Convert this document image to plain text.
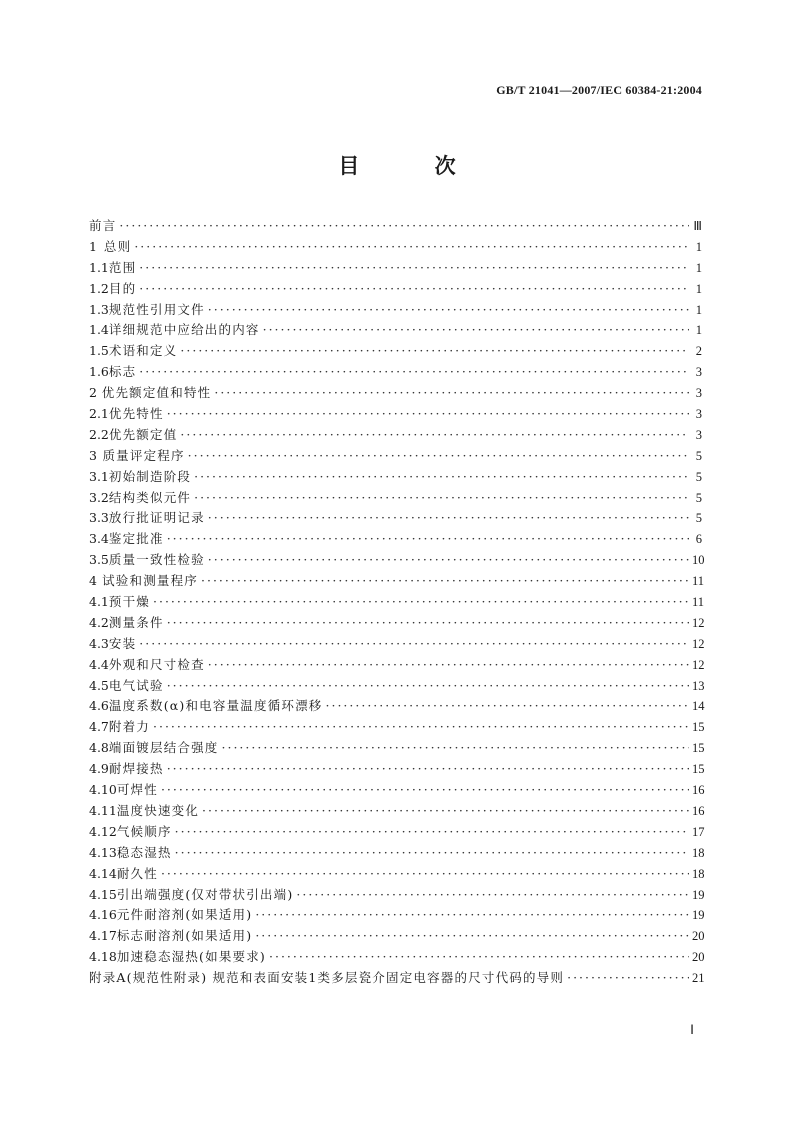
GB/T 21041—2007/IEC 60384-21:2004
目 次
前言 ·····	Ⅲ
1 总则 ·····	1
1.1 范围 ·····	1
1.2 目的 ·····	1
1.3 规范性引用文件 ·····	1
1.4 详细规范中应给出的内容 ·····	1
1.5 术语和定义 ·····	2
1.6 标志 ·····	3
2 优先额定值和特性 ·····	3
2.1 优先特性 ·····	3
2.2 优先额定值 ·····	3
3 质量评定程序 ·····	5
3.1 初始制造阶段 ·····	5
3.2 结构类似元件 ·····	5
3.3 放行批证明记录 ·····	5
3.4 鉴定批准 ·····	6
3.5 质量一致性检验 ·····	10
4 试验和测量程序 ·····	11
4.1 预干燥 ·····	11
4.2 测量条件 ·····	12
4.3 安装 ·····	12
4.4 外观和尺寸检查 ·····	12
4.5 电气试验 ·····	13
4.6 温度系数(α)和电容量温度循环漂移 ·····	14
4.7 附着力 ·····	15
4.8 端面镀层结合强度 ·····	15
4.9 耐焊接热 ·····	15
4.10 可焊性 ·····	16
4.11 温度快速变化 ·····	16
4.12 气候顺序 ·····	17
4.13 稳态湿热 ·····	18
4.14 耐久性 ·····	18
4.15 引出端强度(仅对带状引出端) ·····	19
4.16 元件耐溶剂(如果适用) ·····	19
4.17 标志耐溶剂(如果适用) ·····	20
4.18 加速稳态湿热(如果要求) ·····	20
附录A(规范性附录) 规范和表面安装1类多层瓷介固定电容器的尺寸代码的导则 ·····	21
Ⅰ
